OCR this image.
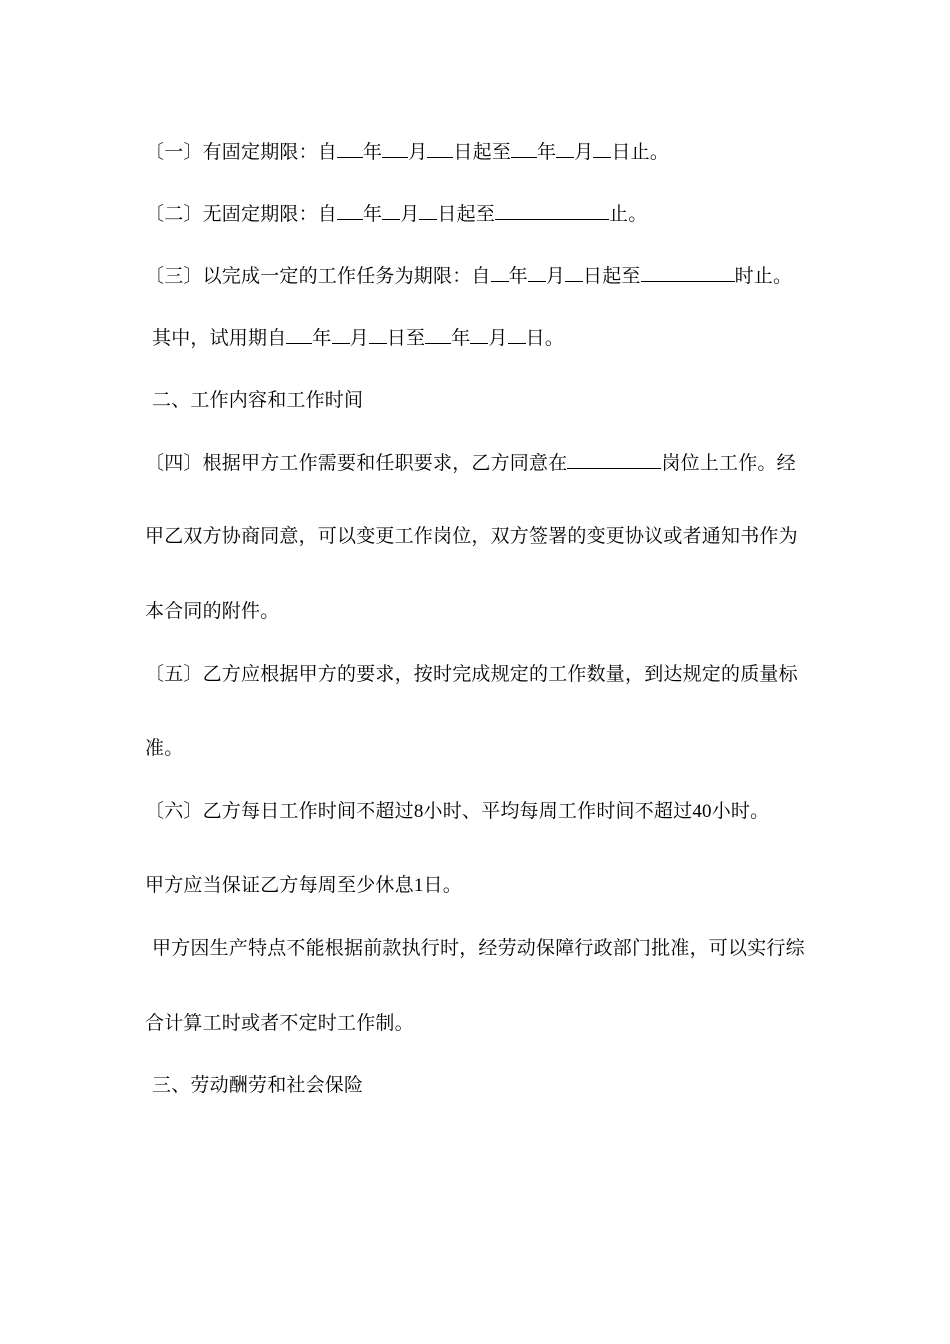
〔一〕有固定期限：自 年 月 日起至 年 月 日止。
〔二〕无固定期限：自 年 月 日起至	止。
〔三〕以完成一定的工作任务为期限：自 年 月 日起至	时止。
其中，试用期自 年 月 日至 年 月 日。
二、工作内容和工作时间
〔四〕根据甲方工作需要和任职要求，乙方同意在	岗位上工作。经
甲乙双方协商同意，可以变更工作岗位，双方签署的变更协议或者通知书作为
本合同的附件。
〔五〕乙方应根据甲方的要求，按时完成规定的工作数量，到达规定的质量标
准。
〔六〕乙方每日工作时间不超过8小时、平均每周工作时间不超过40小时。
甲方应当保证乙方每周至少休息1日。
甲方因生产特点不能根据前款执行时，经劳动保障行政部门批准，可以实行综
合计算工时或者不定时工作制。
三、劳动酬劳和社会保险
